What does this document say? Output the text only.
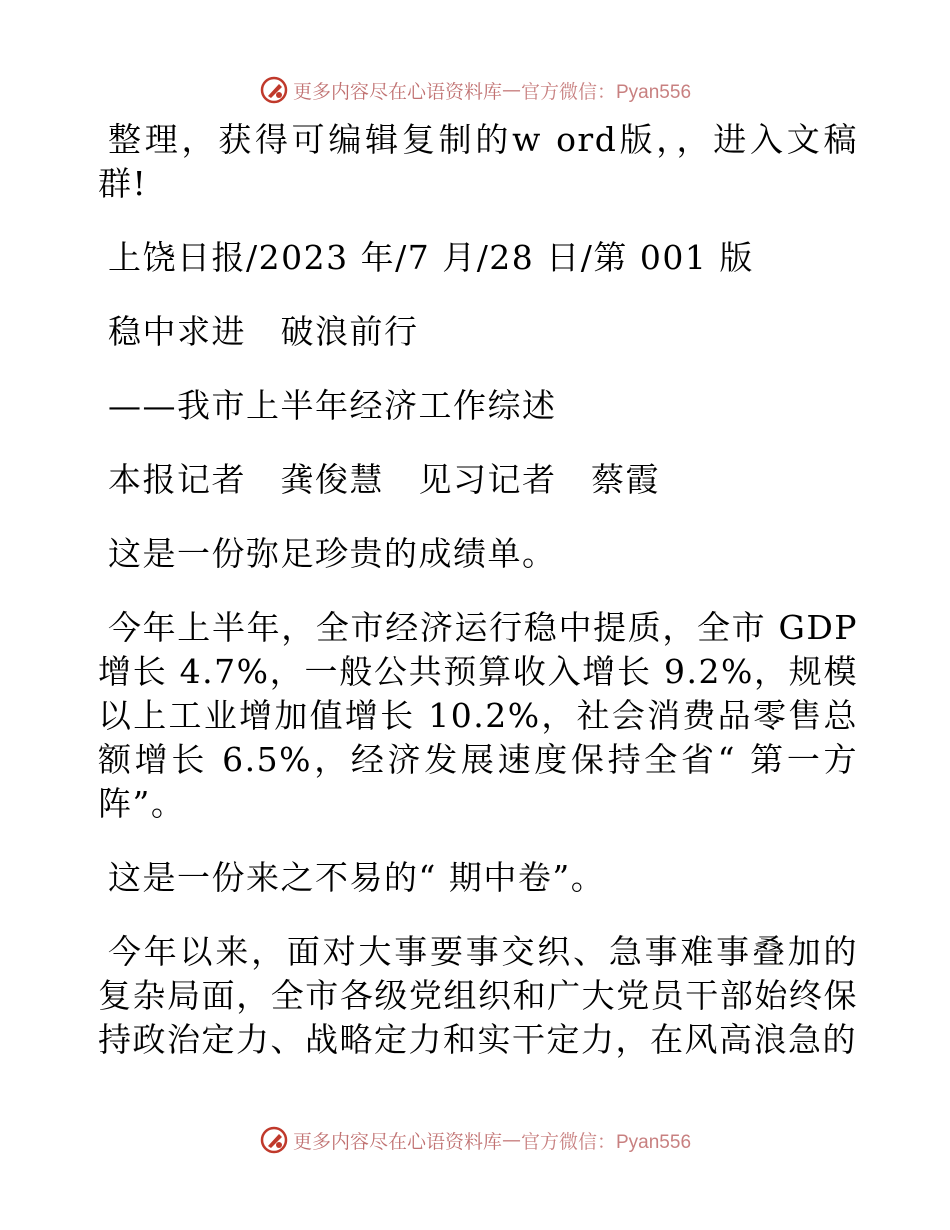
更多内容尽在心语资料库 — 官方微信：Pyan556

整理，获得可编辑复制的w ord版，，进入文稿群!

上饶日报/2023 年/7 月/28 日/第 001 版

稳中求进　破浪前行

——我市上半年经济工作综述

本报记者　龚俊慧　见习记者　蔡霞

这是一份弥足珍贵的成绩单。

今年上半年，全市经济运行稳中提质，全市 GDP 增长 4.7%，一般公共预算收入增长 9.2%，规模以上工业增加值增长 10.2%，社会消费品零售总额增长 6.5%，经济发展速度保持全省“ 第一方阵”。

这是一份来之不易的“ 期中卷”。

今年以来，面对大事要事交织、急事难事叠加的复杂局面，全市各级党组织和广大党员干部始终保持政治定力、战略定力和实干定力，在风高浪急的

更多内容尽在心语资料库 — 官方微信：Pyan556
